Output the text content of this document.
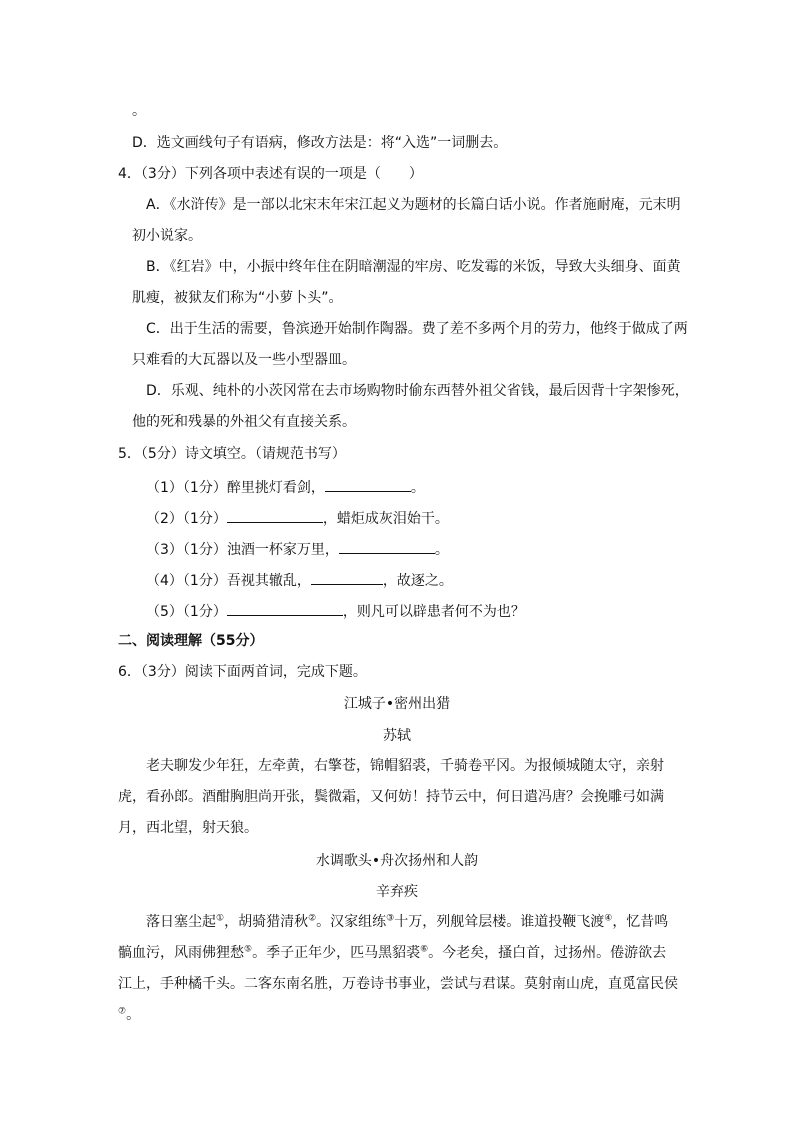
。
D．选文画线句子有语病，修改方法是：将“入选”一词删去。
4．（3分）下列各项中表述有误的一项是（　　）
A．《水浒传》是一部以北宋末年宋江起义为题材的长篇白话小说。作者施耐庵，元末明
初小说家。
B．《红岩》中，小振中终年住在阴暗潮湿的牢房、吃发霉的米饭，导致大头细身、面黄
肌瘦，被狱友们称为“小萝卜头”。
C．出于生活的需要，鲁滨逊开始制作陶器。费了差不多两个月的劳力，他终于做成了两
只难看的大瓦器以及一些小型器皿。
D．乐观、纯朴的小茨冈常在去市场购物时偷东西替外祖父省钱，最后因背十字架惨死，
他的死和残暴的外祖父有直接关系。
5．（5分）诗文填空。（请规范书写）
（1）（1分）醉里挑灯看剑，	。
（2）（1分）	，蜡炬成灰泪始干。
（3）（1分）浊酒一杯家万里，	。
（4）（1分）吾视其辙乱，	，故逐之。
（5）（1分）	，则凡可以辟患者何不为也？
二、阅读理解（55分）
6．（3分）阅读下面两首词，完成下题。
江城子•密州出猎
苏轼
老夫聊发少年狂，左牵黄，右擎苍，锦帽貂裘，千骑卷平冈。为报倾城随太守，亲射虎，看孙郎。酒酣胸胆尚开张，鬓微霜，又何妨！持节云中，何日遣冯唐？会挽雕弓如满月，西北望，射天狼。
水调歌头•舟次扬州和人韵
辛弃疾
落日塞尘起①，胡骑猎清秋②。汉家组练③十万，列舰耸层楼。谁道投鞭飞渡④，忆昔鸣髇血污，风雨佛狸愁⑤。季子正年少，匹马黑貂裘⑥。今老矣，搔白首，过扬州。倦游欲去江上，手种橘千头。二客东南名胜，万卷诗书事业，尝试与君谋。莫射南山虎，直觅富民侯⑦。
